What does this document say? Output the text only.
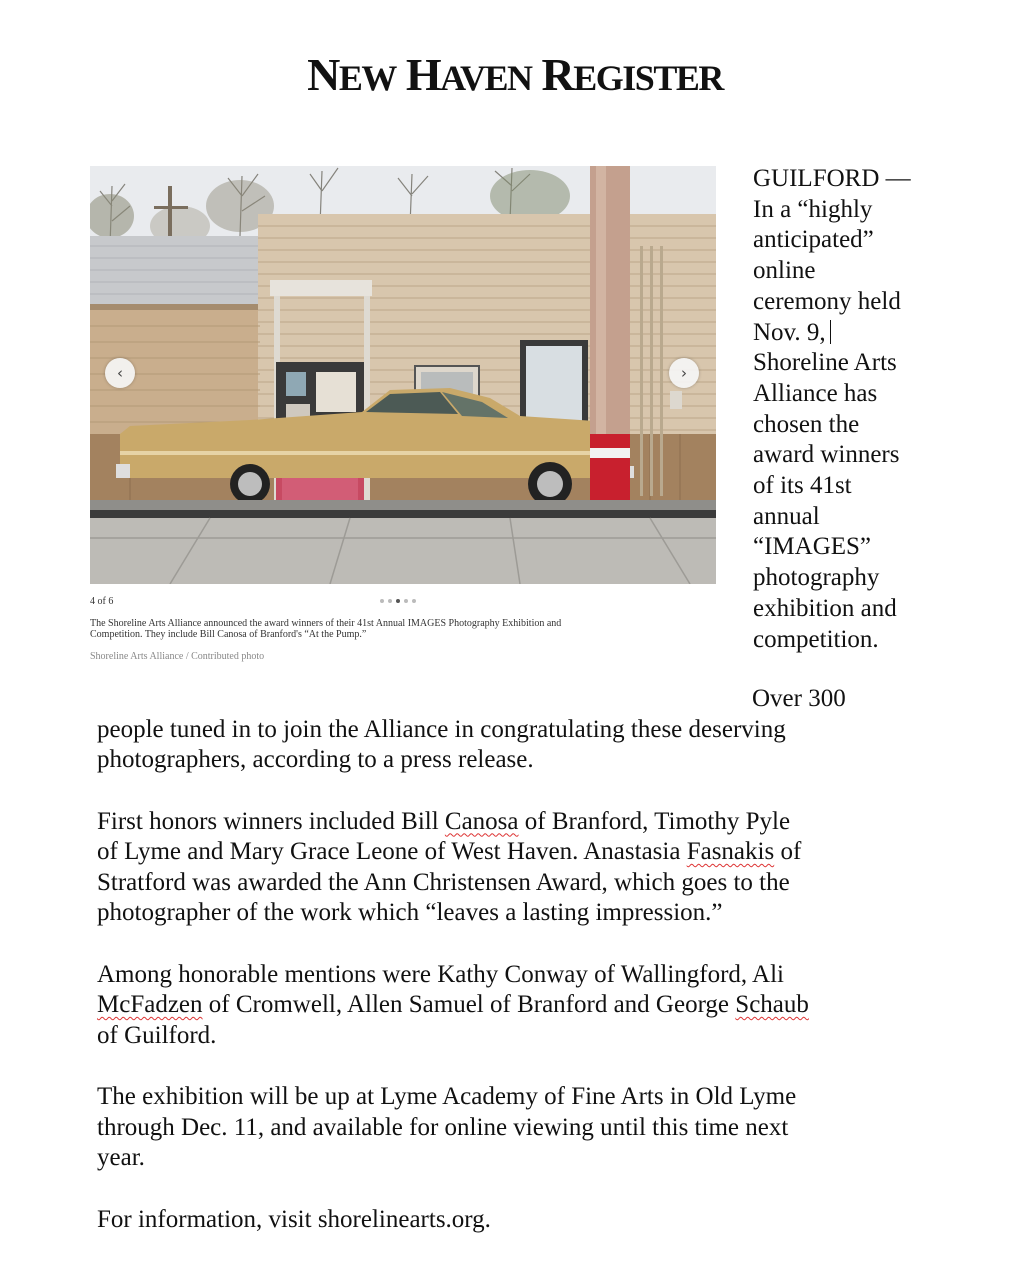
NEW HAVEN REGISTER
‹	›
4 of 6
The Shoreline Arts Alliance announced the award winners of their 41st Annual IMAGES Photography Exhibition and
Competition. They include Bill Canosa of Branford's “At the Pump.”
Shoreline Arts Alliance / Contributed photo
GUILFORD —
In a “highly
anticipated”
online
ceremony held
Nov. 9,
Shoreline Arts
Alliance has
chosen the
award winners
of its 41st
annual
“IMAGES”
photography
exhibition and
competition.
Over 300
people tuned in to join the Alliance in congratulating these deserving
photographers, according to a press release.
First honors winners included Bill Canosa of Branford, Timothy Pyle
of Lyme and Mary Grace Leone of West Haven. Anastasia Fasnakis of
Stratford was awarded the Ann Christensen Award, which goes to the
photographer of the work which “leaves a lasting impression.”
Among honorable mentions were Kathy Conway of Wallingford, Ali
McFadzen of Cromwell, Allen Samuel of Branford and George Schaub
of Guilford.
The exhibition will be up at Lyme Academy of Fine Arts in Old Lyme
through Dec. 11, and available for online viewing until this time next
year.
For information, visit shorelinearts.org.
